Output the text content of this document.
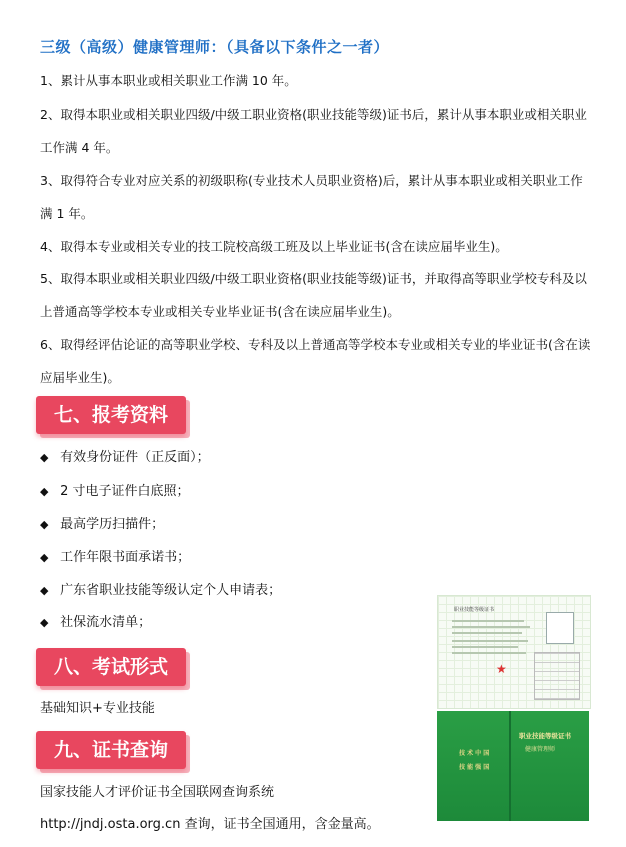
三级（高级）健康管理师：（具备以下条件之一者）
1、累计从事本职业或相关职业工作满 10 年。
2、取得本职业或相关职业四级/中级工职业资格(职业技能等级)证书后，累计从事本职业或相关职业工作满 4 年。
3、取得符合专业对应关系的初级职称(专业技术人员职业资格)后，累计从事本职业或相关职业工作满 1 年。
4、取得本专业或相关专业的技工院校高级工班及以上毕业证书(含在读应届毕业生)。
5、取得本职业或相关职业四级/中级工职业资格(职业技能等级)证书，并取得高等职业学校专科及以上普通高等学校本专业或相关专业毕业证书(含在读应届毕业生)。
6、取得经评估论证的高等职业学校、专科及以上普通高等学校本专业或相关专业的毕业证书(含在读应届毕业生)。
七、报考资料
◆ 有效身份证件（正反面）；
◆ 2 寸电子证件白底照；
◆ 最高学历扫描件；
◆ 工作年限书面承诺书；
◆ 广东省职业技能等级认定个人申请表；
◆ 社保流水清单；
八、考试形式
基础知识+专业技能
九、证书查询
国家技能人才评价证书全国联网查询系统
http://jndj.osta.org.cn 查询，证书全国通用，含金量高。
职业技能等级证书
★
技 术 中 国
技 能 强 国
职业技能等级证书
健康管理师
